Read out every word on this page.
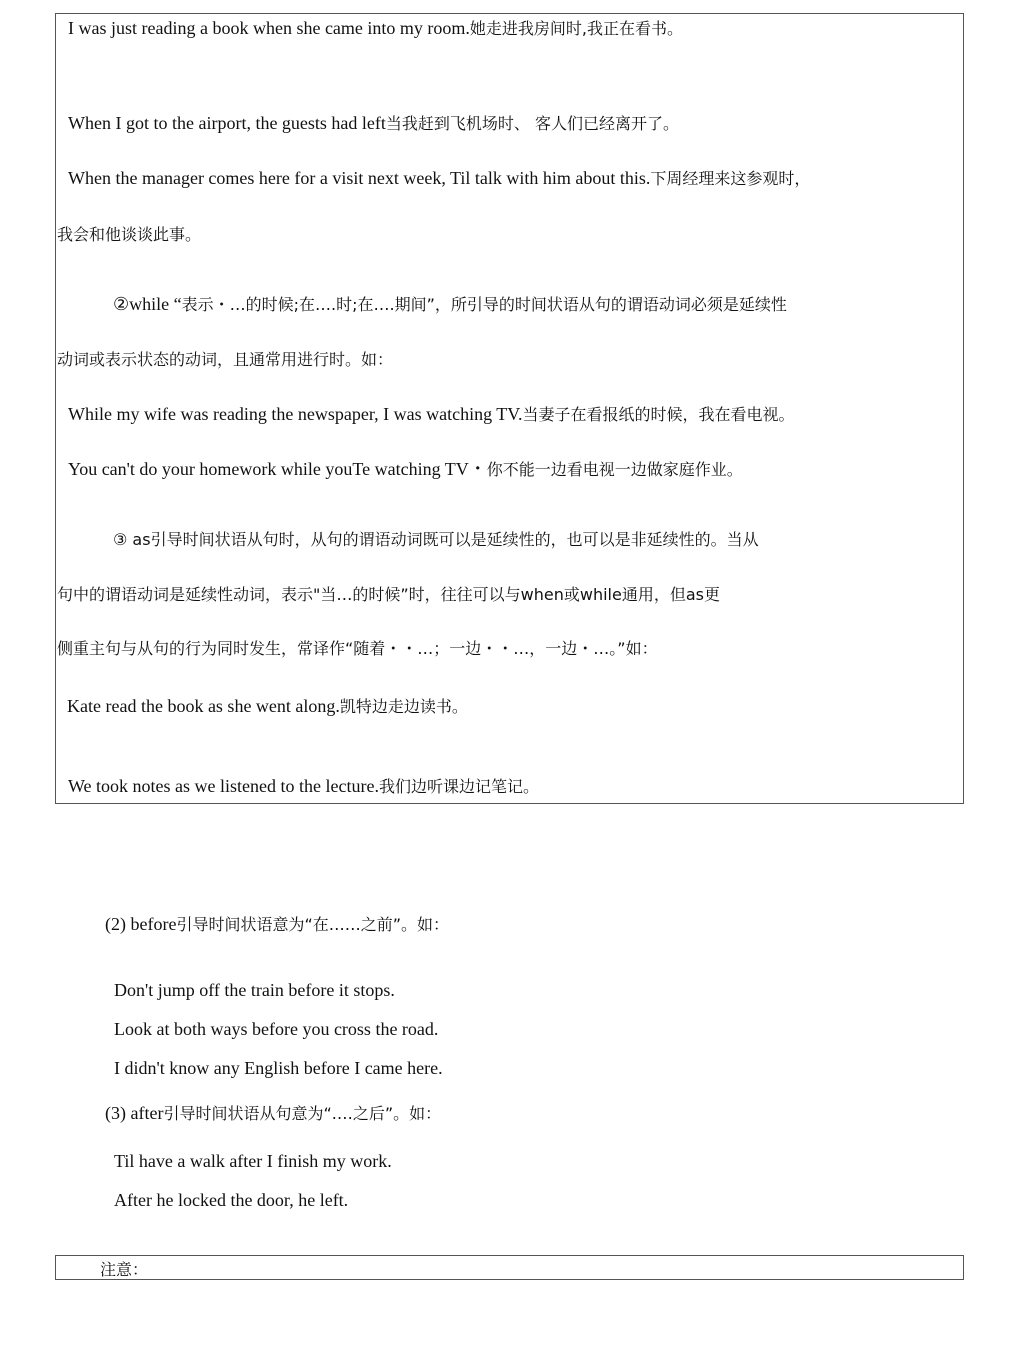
I was just reading a book when she came into my room.她走进我房间时,我正在看书。
When I got to the airport, the guests had left当我赶到飞机场时、 客人们已经离开了。
When the manager comes here for a visit next week, Til talk with him about this.下周经理来这参观时，
我会和他谈谈此事。
②while “表示・…的时候;在….时;在….期间”，所引导的时间状语从句的谓语动词必须是延续性
动词或表示状态的动词，且通常用进行时。如：
While my wife was reading the newspaper, I was watching TV.当妻子在看报纸的时候，我在看电视。
You can't do your homework while youTe watching TV・你不能一边看电视一边做家庭作业。
③ as引导时间状语从句时，从句的谓语动词既可以是延续性的，也可以是非延续性的。当从
句中的谓语动词是延续性动词，表示"当…的时候”时，往往可以与when或while通用，但as更
侧重主句与从句的行为同时发生，常译作“随着・・…；一边・・…，一边・…。”如：
Kate read the book as she went along.凯特边走边读书。
We took notes as we listened to the lecture.我们边听课边记笔记。
(2) before引导时间状语意为“在……之前”。如：
Don't jump off the train before it stops.
Look at both ways before you cross the road.
I didn't know any English before I came here.
(3) after引导时间状语从句意为“.…之后”。如：
Til have a walk after I finish my work.
After he locked the door, he left.
注意：
